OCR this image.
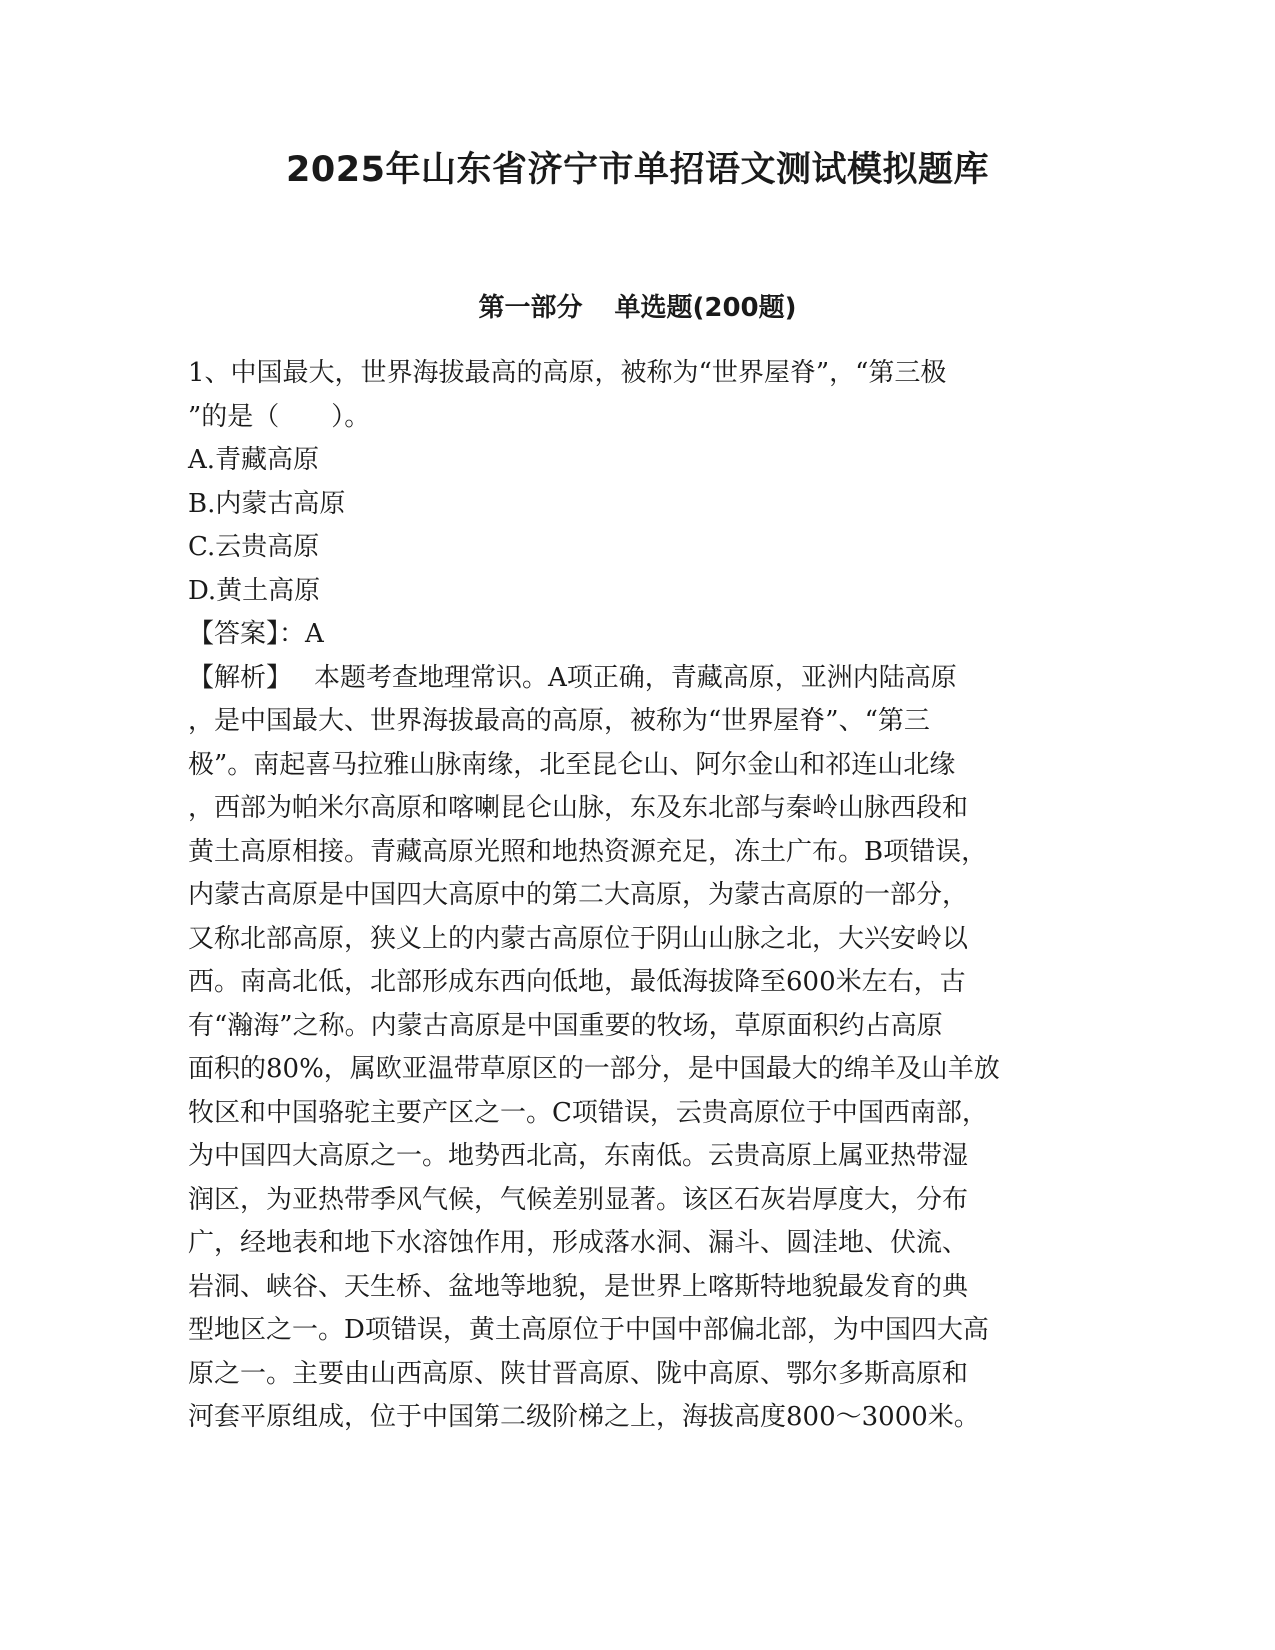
2025年山东省济宁市单招语文测试模拟题库
第一部分 单选题(200题)
1、中国最大，世界海拔最高的高原，被称为“世界屋脊”，“第三极
”的是（　　）。
A.青藏高原
B.内蒙古高原
C.云贵高原
D.黄土高原
【答案】：A
【解析】 本题考查地理常识。A项正确，青藏高原，亚洲内陆高原
，是中国最大、世界海拔最高的高原，被称为“世界屋脊”、“第三
极”。南起喜马拉雅山脉南缘，北至昆仑山、阿尔金山和祁连山北缘
，西部为帕米尔高原和喀喇昆仑山脉，东及东北部与秦岭山脉西段和
黄土高原相接。青藏高原光照和地热资源充足，冻土广布。B项错误，
内蒙古高原是中国四大高原中的第二大高原，为蒙古高原的一部分，
又称北部高原，狭义上的内蒙古高原位于阴山山脉之北，大兴安岭以
西。南高北低，北部形成东西向低地，最低海拔降至600米左右，古
有“瀚海”之称。内蒙古高原是中国重要的牧场，草原面积约占高原
面积的80%，属欧亚温带草原区的一部分，是中国最大的绵羊及山羊放
牧区和中国骆驼主要产区之一。C项错误，云贵高原位于中国西南部，
为中国四大高原之一。地势西北高，东南低。云贵高原上属亚热带湿
润区，为亚热带季风气候，气候差别显著。该区石灰岩厚度大，分布
广，经地表和地下水溶蚀作用，形成落水洞、漏斗、圆洼地、伏流、
岩洞、峡谷、天生桥、盆地等地貌，是世界上喀斯特地貌最发育的典
型地区之一。D项错误，黄土高原位于中国中部偏北部，为中国四大高
原之一。主要由山西高原、陕甘晋高原、陇中高原、鄂尔多斯高原和
河套平原组成，位于中国第二级阶梯之上，海拔高度800～3000米。
